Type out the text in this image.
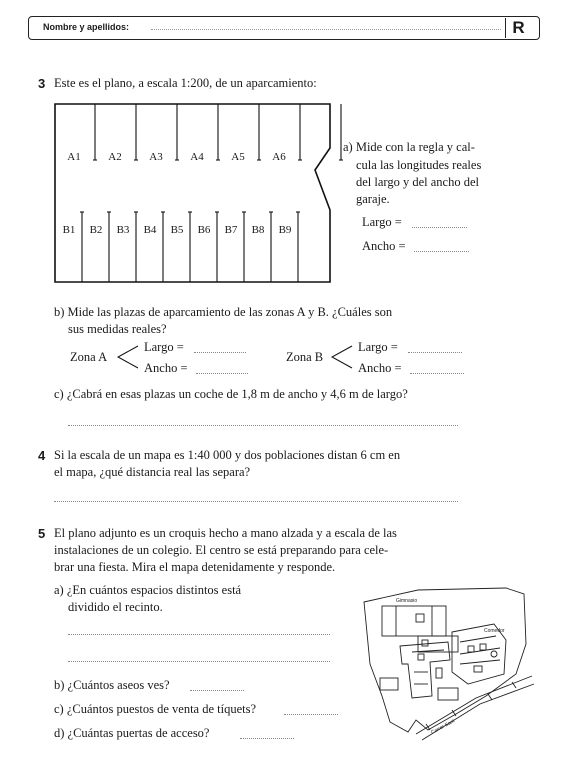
Nombre y apellidos:	R
3 Este es el plano, a escala 1:200, de un aparcamiento:
A1	A2	A3	A4	A5	A6
B1 B2 B3 B4 B5 B6 B7 B8 B9
a) Mide con la regla y cal-
cula las longitudes reales
del largo y del ancho del
garaje.
Largo =
Ancho =
b) Mide las plazas de aparcamiento de las zonas A y B. ¿Cuáles son
sus medidas reales?
Zona A
Largo =
Ancho =
Zona B
Largo =
Ancho =
c) ¿Cabrá en esas plazas un coche de 1,8 m de ancho y 4,6 m de largo?
4 Si la escala de un mapa es 1:40 000 y dos poblaciones distan 6 cm en
el mapa, ¿qué distancia real las separa?
5 El plano adjunto es un croquis hecho a mano alzada y a escala de las
instalaciones de un colegio. El centro se está preparando para cele-
brar una fiesta. Mira el mapa detenidamente y responde.
a) ¿En cuántos espacios distintos está
dividido el recinto.
b) ¿Cuántos aseos ves?
c) ¿Cuántos puestos de venta de tíquets?
d) ¿Cuántas puertas de acceso?
Gimnasio
Comedor
Carrer Sant
